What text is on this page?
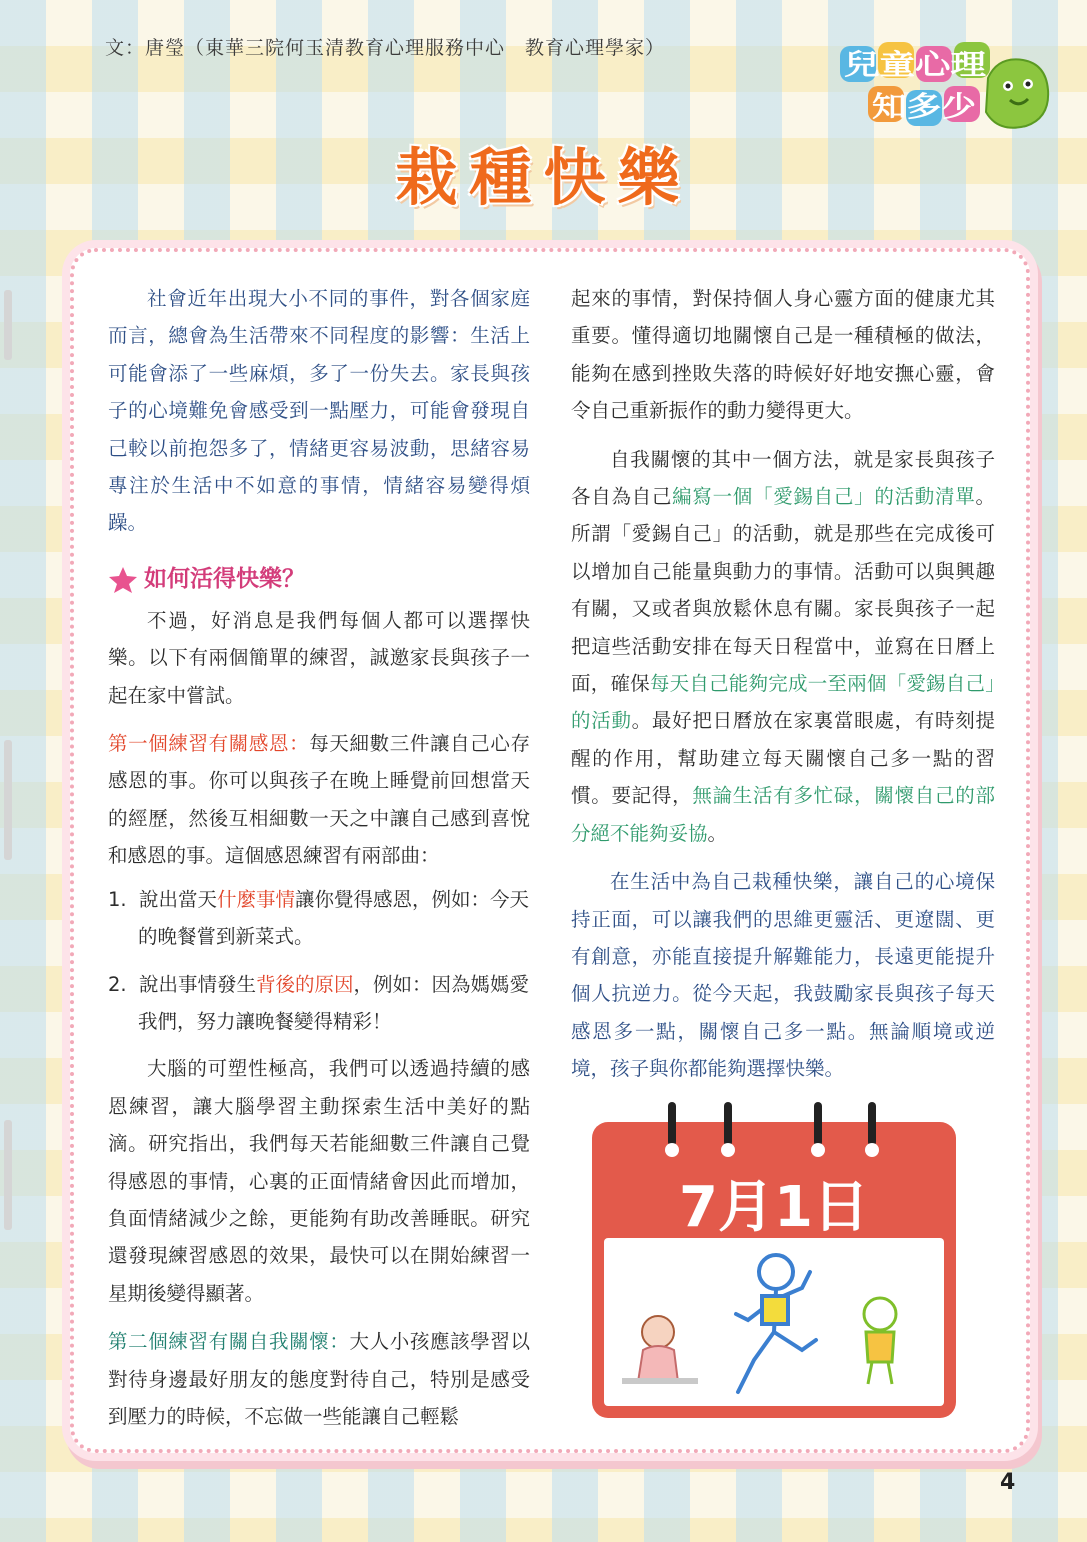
文：唐瑩（東華三院何玉清教育心理服務中心　教育心理學家）	兒童心理
知多少
栽種快樂

社會近年出現大小不同的事件，對各個家庭而言，總會為生活帶來不同程度的影響：生活上可能會添了一些麻煩，多了一份失去。家長與孩子的心境難免會感受到一點壓力，可能會發現自己較以前抱怨多了，情緒更容易波動，思緒容易專注於生活中不如意的事情，情緒容易變得煩躁。

如何活得快樂？

不過，好消息是我們每個人都可以選擇快樂。以下有兩個簡單的練習，誠邀家長與孩子一起在家中嘗試。

第一個練習有關感恩：每天細數三件讓自己心存感恩的事。你可以與孩子在晚上睡覺前回想當天的經歷，然後互相細數一天之中讓自己感到喜悅和感恩的事。這個感恩練習有兩部曲：

1. 說出當天什麼事情讓你覺得感恩，例如：今天的晚餐嘗到新菜式。
2. 說出事情發生背後的原因，例如：因為媽媽愛我們，努力讓晚餐變得精彩！

大腦的可塑性極高，我們可以透過持續的感恩練習，讓大腦學習主動探索生活中美好的點滴。研究指出，我們每天若能細數三件讓自己覺得感恩的事情，心裏的正面情緒會因此而增加，負面情緒減少之餘，更能夠有助改善睡眠。研究還發現練習感恩的效果，最快可以在開始練習一星期後變得顯著。

第二個練習有關自我關懷：大人小孩應該學習以對待身邊最好朋友的態度對待自己，特別是感受到壓力的時候，不忘做一些能讓自己輕鬆

起來的事情，對保持個人身心靈方面的健康尤其重要。懂得適切地關懷自己是一種積極的做法，能夠在感到挫敗失落的時候好好地安撫心靈，會令自己重新振作的動力變得更大。

自我關懷的其中一個方法，就是家長與孩子各自為自己編寫一個「愛錫自己」的活動清單。所謂「愛錫自己」的活動，就是那些在完成後可以增加自己能量與動力的事情。活動可以與興趣有關，又或者與放鬆休息有關。家長與孩子一起把這些活動安排在每天日程當中，並寫在日曆上面，確保每天自己能夠完成一至兩個「愛錫自己」的活動。最好把日曆放在家裏當眼處，有時刻提醒的作用，幫助建立每天關懷自己多一點的習慣。要記得，無論生活有多忙碌，關懷自己的部分絕不能夠妥協。

在生活中為自己栽種快樂，讓自己的心境保持正面，可以讓我們的思維更靈活、更遼闊、更有創意，亦能直接提升解難能力，長遠更能提升個人抗逆力。從今天起，我鼓勵家長與孩子每天感恩多一點，關懷自己多一點。無論順境或逆境，孩子與你都能夠選擇快樂。

7月1日
4
